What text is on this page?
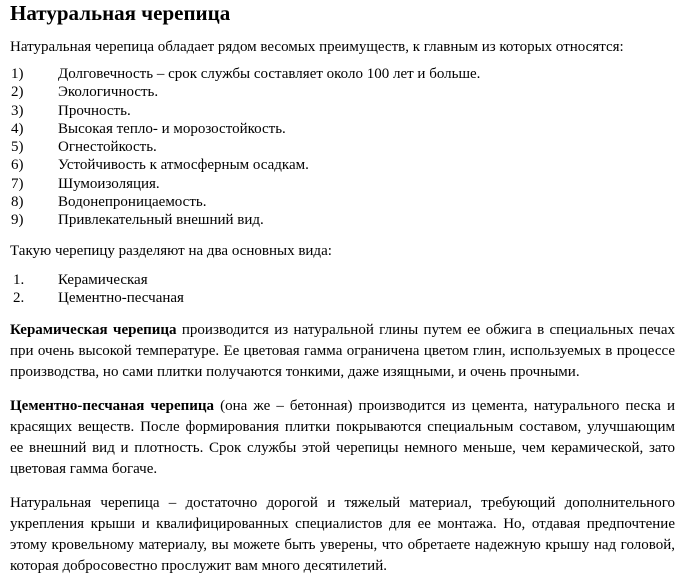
Натуральная черепица

Натуральная черепица обладает рядом весомых преимуществ, к главным из которых относятся:

1)	Долговечность – срок службы составляет около 100 лет и больше.
2)	Экологичность.
3)	Прочность.
4)	Высокая тепло- и морозостойкость.
5)	Огнестойкость.
6)	Устойчивость к атмосферным осадкам.
7)	Шумоизоляция.
8)	Водонепроницаемость.
9)	Привлекательный внешний вид.

Такую черепицу разделяют на два основных вида:

1.	Керамическая
2.	Цементно-песчаная

Керамическая черепица производится из натуральной глины путем ее обжига в специальных печах при очень высокой температуре. Ее цветовая гамма ограничена цветом глин, используемых в процессе производства, но сами плитки получаются тонкими, даже изящными, и очень прочными.

Цементно-песчаная черепица (она же – бетонная) производится из цемента, натурального песка и красящих веществ. После формирования плитки покрываются специальным составом, улучшающим ее внешний вид и плотность. Срок службы этой черепицы немного меньше, чем керамической, зато цветовая гамма богаче.

Натуральная черепица – достаточно дорогой и тяжелый материал, требующий дополнительного укрепления крыши и квалифицированных специалистов для ее монтажа. Но, отдавая предпочтение этому кровельному материалу, вы можете быть уверены, что обретаете надежную крышу над головой, которая добросовестно прослужит вам много десятилетий.
